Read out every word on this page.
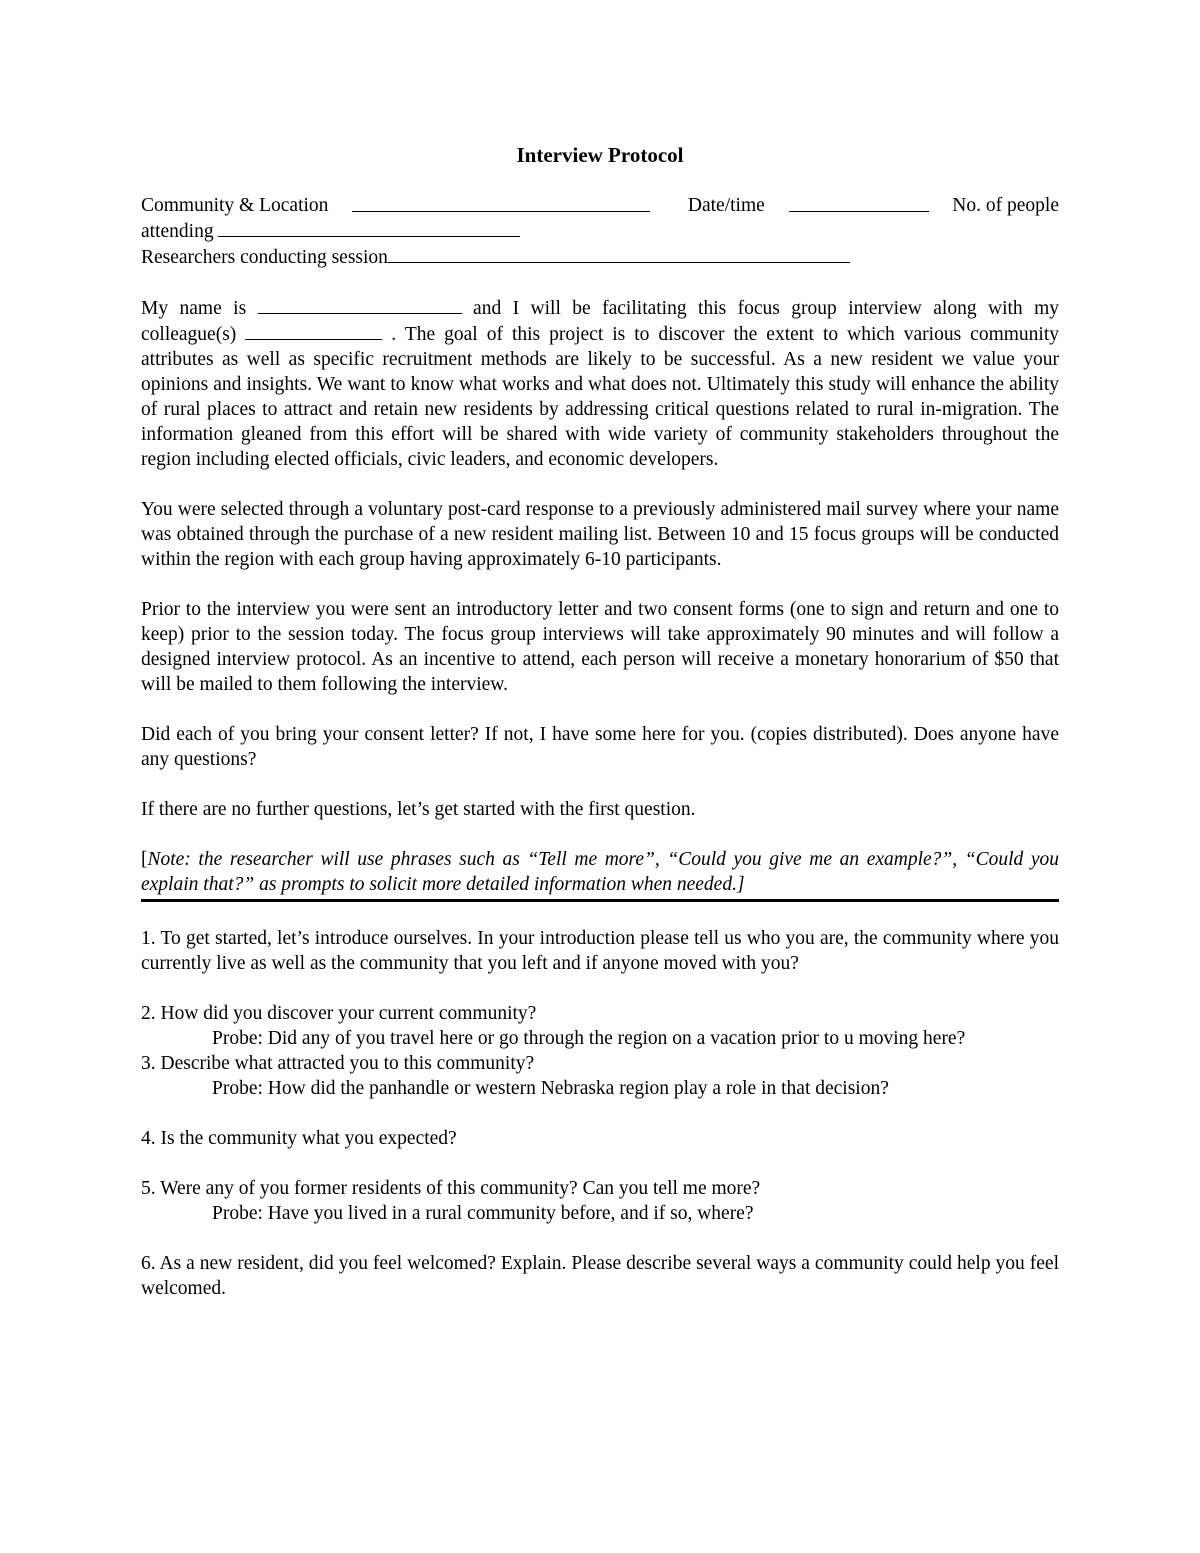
Interview Protocol
Community & Location	Date/time	No. of people
attending
Researchers conducting session

My name is	and I will be facilitating this focus group interview along with my colleague(s)	. The goal of this project is to discover the extent to which various community attributes as well as specific recruitment methods are likely to be successful. As a new resident we value your opinions and insights. We want to know what works and what does not. Ultimately this study will enhance the ability of rural places to attract and retain new residents by addressing critical questions related to rural in-migration. The information gleaned from this effort will be shared with wide variety of community stakeholders throughout the region including elected officials, civic leaders, and economic developers.

You were selected through a voluntary post-card response to a previously administered mail survey where your name was obtained through the purchase of a new resident mailing list. Between 10 and 15 focus groups will be conducted within the region with each group having approximately 6-10 participants.

Prior to the interview you were sent an introductory letter and two consent forms (one to sign and return and one to keep) prior to the session today. The focus group interviews will take approximately 90 minutes and will follow a designed interview protocol. As an incentive to attend, each person will receive a monetary honorarium of $50 that will be mailed to them following the interview.

Did each of you bring your consent letter? If not, I have some here for you. (copies distributed). Does anyone have any questions?

If there are no further questions, let’s get started with the first question.

[Note: the researcher will use phrases such as “Tell me more”, “Could you give me an example?”, “Could you explain that?” as prompts to solicit more detailed information when needed.]

1. To get started, let’s introduce ourselves. In your introduction please tell us who you are, the community where you currently live as well as the community that you left and if anyone moved with you?

2. How did you discover your current community?

Probe: Did any of you travel here or go through the region on a vacation prior to u moving here?

3. Describe what attracted you to this community?

Probe: How did the panhandle or western Nebraska region play a role in that decision?

4. Is the community what you expected?

5. Were any of you former residents of this community? Can you tell me more?

Probe: Have you lived in a rural community before, and if so, where?

6. As a new resident, did you feel welcomed? Explain. Please describe several ways a community could help you feel welcomed.
